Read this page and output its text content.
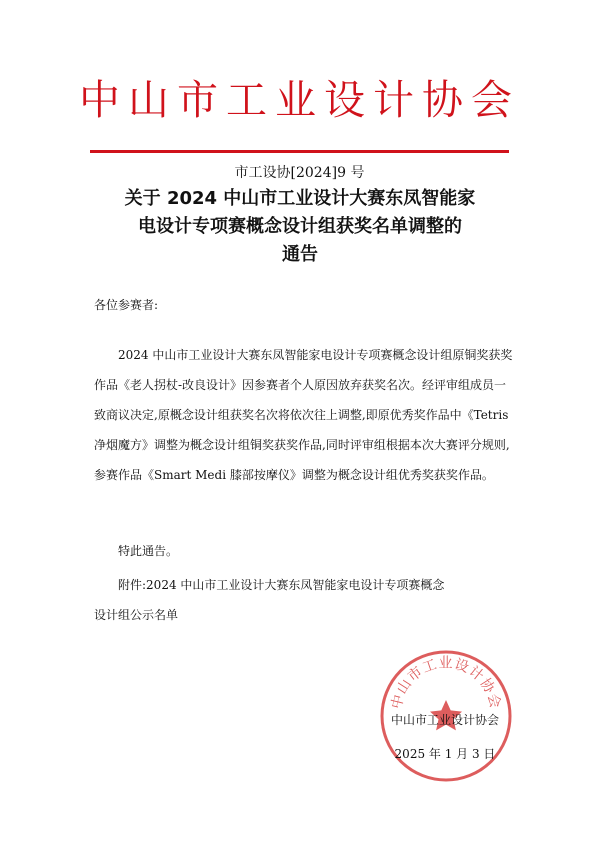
中山市工业设计协会
市工设协[2024]9 号
关于 2024 中山市工业设计大赛东凤智能家
电设计专项赛概念设计组获奖名单调整的
通告
各位参赛者:
2024 中山市工业设计大赛东凤智能家电设计专项赛概念设计组原铜奖获奖作品《老人拐杖-改良设计》因参赛者个人原因放弃获奖名次。经评审组成员一致商议决定,原概念设计组获奖名次将依次往上调整,即原优秀奖作品中《Tetris 净烟魔方》调整为概念设计组铜奖获奖作品,同时评审组根据本次大赛评分规则,参赛作品《Smart Medi 膝部按摩仪》调整为概念设计组优秀奖获奖作品。
特此通告。
附件:2024 中山市工业设计大赛东凤智能家电设计专项赛概念
设计组公示名单
中山市工业设计协会
中山市工业设计协会
2025 年 1 月 3 日
